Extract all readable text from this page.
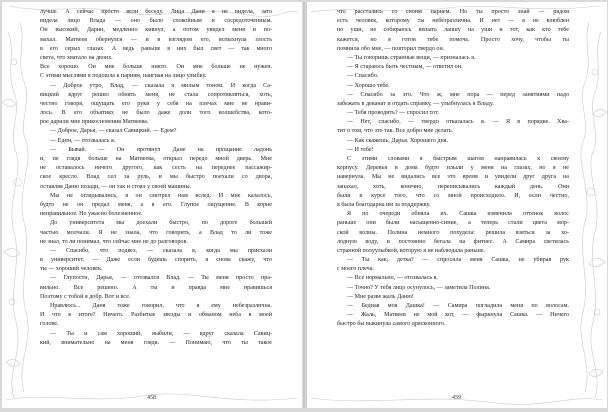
лучше. А сейчас просто вели беседу. Лица Дани я не видела, зато
видела лицо Влада — оно было спокойным и сосредоточенным.
Он высокий, Дарин, медленно кивнул, а потом увидел меня и по-
махал. Матвеев обернулся — и в взглядом его, вспыхнула злость
в его серых глазах. А ведь раньше в них был свет — так много
света, что хватало на двоих.
Все хорошо. Он мне больше никто. Он мне больше не нужен.
С этими мыслями я подошла к парням, наигиая на лицо улыбку.
— Доброе утро, Влад, — сказала я милым тоном. И когда Са-
вицкий вдруг решил обнять меня, не стала сопротивляться, хоть,
честно говоря, ощущать его руки у себя на плечах мне не нрави-
лось. В его объятиях не было даже доли того волшебства, кото-
рое дарили мне прикосновения Матвеева.
— Доброе, Дарья, — сказал Савицкий. — Едем?
— Едем, — отозвалась я.
— Бывай. — Он протянул Дане на прощание ладонь
и, не глядя больше на Матвеева, открыл передо мной дверь. Мне
не оставалось ничего другого, как сесть на переднее пассажир-
ское кресло. Влад сел за руль, и мы быстро поехали со двора,
оставляя Даню позади, — он так и стоял у своей машины.
Мы не оглядывались, я он смотрел нам вслед. И мне казалось,
будто не он предал меня, а я его. Глупое ощущение. В корне
неправильное. Но ужасно болезненное.
До университета мы доехали быстро, по дороге большей
частью молчали. Я не знала, что говорить, а Влад то ли тоже
не знал, то ли понимал, что сейчас мне не до разговоров.
— Спасибо, что подвез, — сказала я, когда мы приехали
в университет. — Даже если будешь спорить, я снова скажу, что
ты — хороший человек.
— Глупости, Дарья, — отозвался Влад. — Ты меня просто пра-
вильно. Все решено. А ты и правда мне нравишься
Поэтому с тобой я добр. Вот и все.
Нравлюсь... Даня тоже говорил, что я ему небезразлична.
И что в итоге? Ничего. Разбитые звезды и обманом неба в моей
голове.
— Ты и сам хороший, выбили, — вдруг сказала Савиц-
кий, внимательно на меня глядя. — Понимаю, что ты такое
458
что расстались со своим парнем. Но ты просто знай — рядом
есть человек, которому ты небезразлична. И нет — я не влюблен
но уши, не собираюсь вешать лапшу на уши и тот, как кто тебе
кажется, но я готов тебе помочь. Просто хочу, чтобы ты
помнила обо мне, — повторил твердо он.
— Ты говоришь странные вещи, — призналась я.
— Я стараюсь быть честным, — ответил он.
— Спасибо.
— Хорошо тебе.
— Спасибо за это. Что ж, мне пора — перед занятиями надо
забежать в деканат и отдать справку, — улыбнулась я Владу.
— Тебя проводить? — спросил тот.
— Нет, спасибо, — твердо отказалась я. — Я в порядке. Хва-
тит о том, что это так. Все добро мне делать.
— Как скажешь, Дарья. Хорошего дня.
— И тебе!
С этими словами я быстрым шагом направилась к своему
корпусу. Деревья и дома будто плыли у меня на глазах, но я не
навернула. Мы не видались все это время и увидели друг друга на
запахал, хоть, конечно, переписывались каждый день. Они
были в курсе того, что со мной происходило. И, если честно,
я была благодарна им за поддержку.
Я по очереди обняла их. Сашка изменила оттенок волос
раньше они были насыщенно-синие, а теперь стали цвета мор-
ской волны. Полина немного похудела: решила взяться за хо-
лодную воду, и постоянно бегала на фитнес. А Самира светилась
странной полуулыбкой, которую я не наблюдала раньше.
— Ты как, детка? — спросила меня Сашка, не убирая рук
с моего плеча.
— Все нормально, — отозвалась я.
— Точно? У тебя лицо осунулось, — заметила Полина.
— Мне разве жаль Даню!
— Бедная моя Дашка! — Самира погладила меня по волосам.
— Жаль, Матвеев не мой кот, — фыркнула Сашка. — Ничего
быстро бы выкинула самого дрясконного.
459
